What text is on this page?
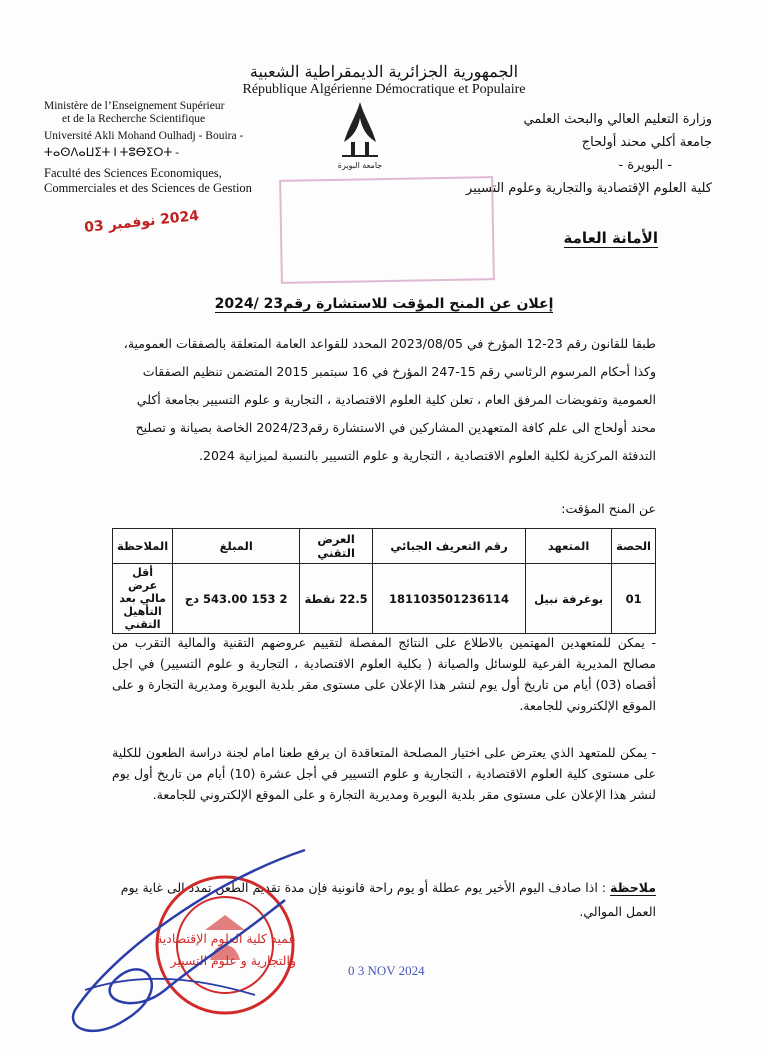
الجمهورية الجزائرية الديمقراطية الشعبية
République Algérienne Démocratique et Populaire
Ministère de l’Enseignement Supérieur
et de la Recherche Scientifique
Université Akli Mohand Oulhadj - Bouira -
ⵜⴰⵙⴷⴰⵡⵉⵜ ⵏ ⵜⵓⴱⵉⵔⵜ -
Faculté des Sciences Economiques,
Commerciales et des Sciences de Gestion
وزارة التعليم العالي والبحث العلمي
جامعة أكلي محند أولحاج
- البويرة -
كلية العلوم الإقتصادية والتجارية وعلوم التسيير
جامعة البويرة
2024 نوفمبر 03
الأمانة العامة
إعلان عن المنح المؤقت للاستشارة رقم23 /2024

طبقا للقانون رقم 23-12 المؤرخ في 2023/08/05 المحدد للقواعد العامة المتعلقة بالصفقات العمومية،

وكذا أحكام المرسوم الرئاسي رقم 15-247 المؤرخ في 16 سبتمبر 2015 المتضمن تنظيم الصفقات

العمومية وتفويضات المرفق العام ، تعلن كلية العلوم الاقتصادية ، التجارية و علوم التسيير بجامعة أكلي

محند أولحاج الى علم كافة المتعهدين المشاركين في الاستشارة رقم2024/23 الخاصة بصيانة و تصليح

التدفئة المركزية لكلية العلوم الاقتصادية ، التجارية و علوم التسيير بالنسبة لميزانية 2024.

عن المنح المؤقت:
الحصة	المتعهد	رقم التعريف الجبائي	العرض التقني	المبلغ	الملاحظة
01	بوغرفة نبيل	181103501236114	22.5 نقطة	2 153 543.00 دج	أقل عرض مالي بعد التأهيل التقني
- يمكن للمتعهدين المهتمين بالاطلاع على النتائج المفصلة لتقييم عروضهم التقنية والمالية التقرب من مصالح المديرية الفرعية للوسائل والصيانة ( بكلية العلوم الاقتصادية ، التجارية و علوم التسيير) في اجل أقصاه (03) أيام من تاريخ أول يوم لنشر هذا الإعلان على مستوى مقر بلدية البويرة ومديرية التجارة و على الموقع الإلكتروني للجامعة.
- يمكن للمتعهد الذي يعترض على اختيار المصلحة المتعاقدة ان يرفع طعنا امام لجنة دراسة الطعون للكلية على مستوى كلية العلوم الاقتصادية ، التجارية و علوم التسيير في أجل عشرة (10) أيام من تاريخ أول يوم لنشر هذا الإعلان على مستوى مقر بلدية البويرة ومديرية التجارة و على الموقع الإلكتروني للجامعة.
ملاحظة : اذا صادف اليوم الأخير يوم عطلة أو يوم راحة قانونية فإن مدة تقديم الطعن تمدد الى غاية يوم العمل الموالي.
عميد كلية العلوم الإقتصادية
والتجارية و علوم التسيير
0 3 NOV 2024
